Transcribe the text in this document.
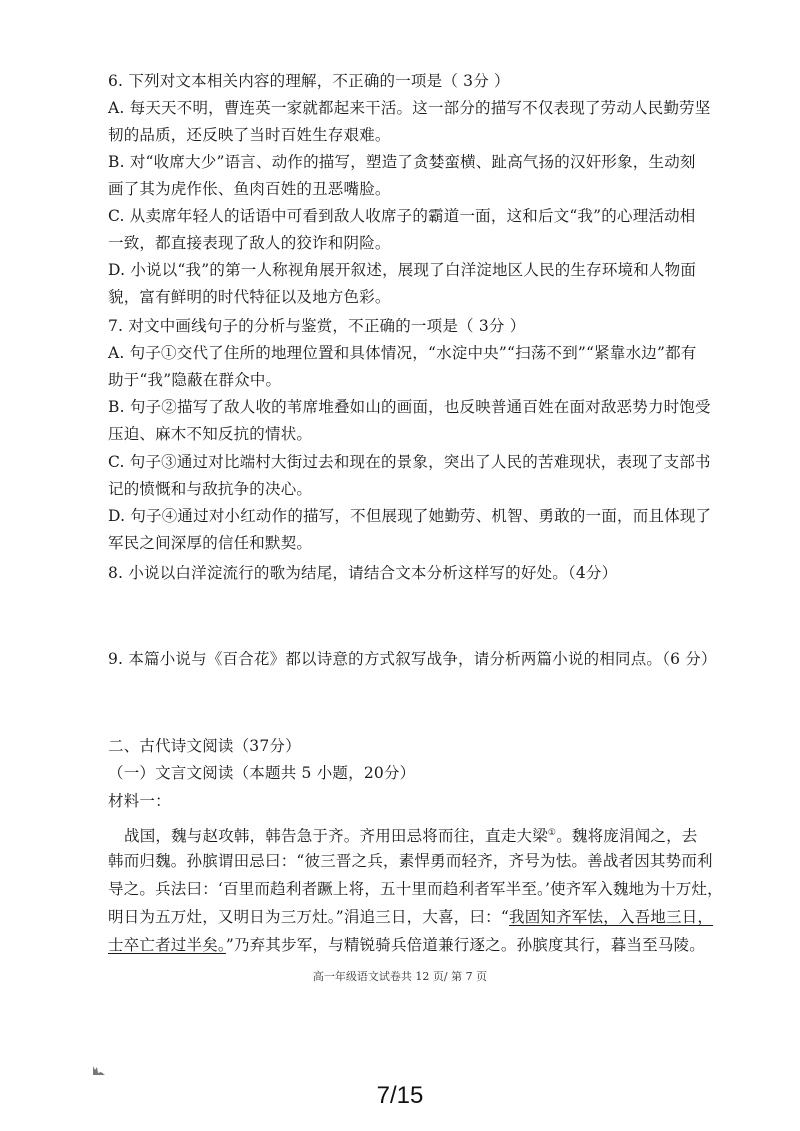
6. 下列对文本相关内容的理解，不正确的一项是（ 3分 ）
A. 每天天不明，曹连英一家就都起来干活。这一部分的描写不仅表现了劳动人民勤劳坚
韧的品质，还反映了当时百姓生存艰难。
B. 对“收席大少”语言、动作的描写，塑造了贪婪蛮横、趾高气扬的汉奸形象，生动刻
画了其为虎作伥、鱼肉百姓的丑恶嘴脸。
C. 从卖席年轻人的话语中可看到敌人收席子的霸道一面，这和后文“我”的心理活动相
一致，都直接表现了敌人的狡诈和阴险。
D. 小说以“我”的第一人称视角展开叙述，展现了白洋淀地区人民的生存环境和人物面
貌，富有鲜明的时代特征以及地方色彩。
7. 对文中画线句子的分析与鉴赏，不正确的一项是（ 3分 ）
A. 句子①交代了住所的地理位置和具体情况，“水淀中央”“扫荡不到”“紧靠水边”都有
助于“我”隐蔽在群众中。
B. 句子②描写了敌人收的苇席堆叠如山的画面，也反映普通百姓在面对敌恶势力时饱受
压迫、麻木不知反抗的情状。
C. 句子③通过对比端村大街过去和现在的景象，突出了人民的苦难现状，表现了支部书
记的愤慨和与敌抗争的决心。
D. 句子④通过对小红动作的描写，不但展现了她勤劳、机智、勇敢的一面，而且体现了
军民之间深厚的信任和默契。
8. 小说以白洋淀流行的歌为结尾，请结合文本分析这样写的好处。（4分）
9. 本篇小说与《百合花》都以诗意的方式叙写战争，请分析两篇小说的相同点。（6 分）
二、古代诗文阅读（37分）
（一）文言文阅读（本题共 5 小题，20分）
材料一：
战国，魏与赵攻韩，韩告急于齐。齐用田忌将而往，直走大梁①。魏将庞涓闻之，去
韩而归魏。孙膑谓田忌曰：“彼三晋之兵，素悍勇而轻齐，齐号为怯。善战者因其势而利
导之。兵法曰：‘百里而趋利者蹶上将，五十里而趋利者军半至。’使齐军入魏地为十万灶，
明日为五万灶，又明日为三万灶。”涓追三日，大喜，曰：“我固知齐军怯，入吾地三日，
士卒亡者过半矣。”乃弃其步军，与精锐骑兵倍道兼行逐之。孙膑度其行，暮当至马陵。
高一年级语文试卷共 12 页/ 第 7 页
7/15
